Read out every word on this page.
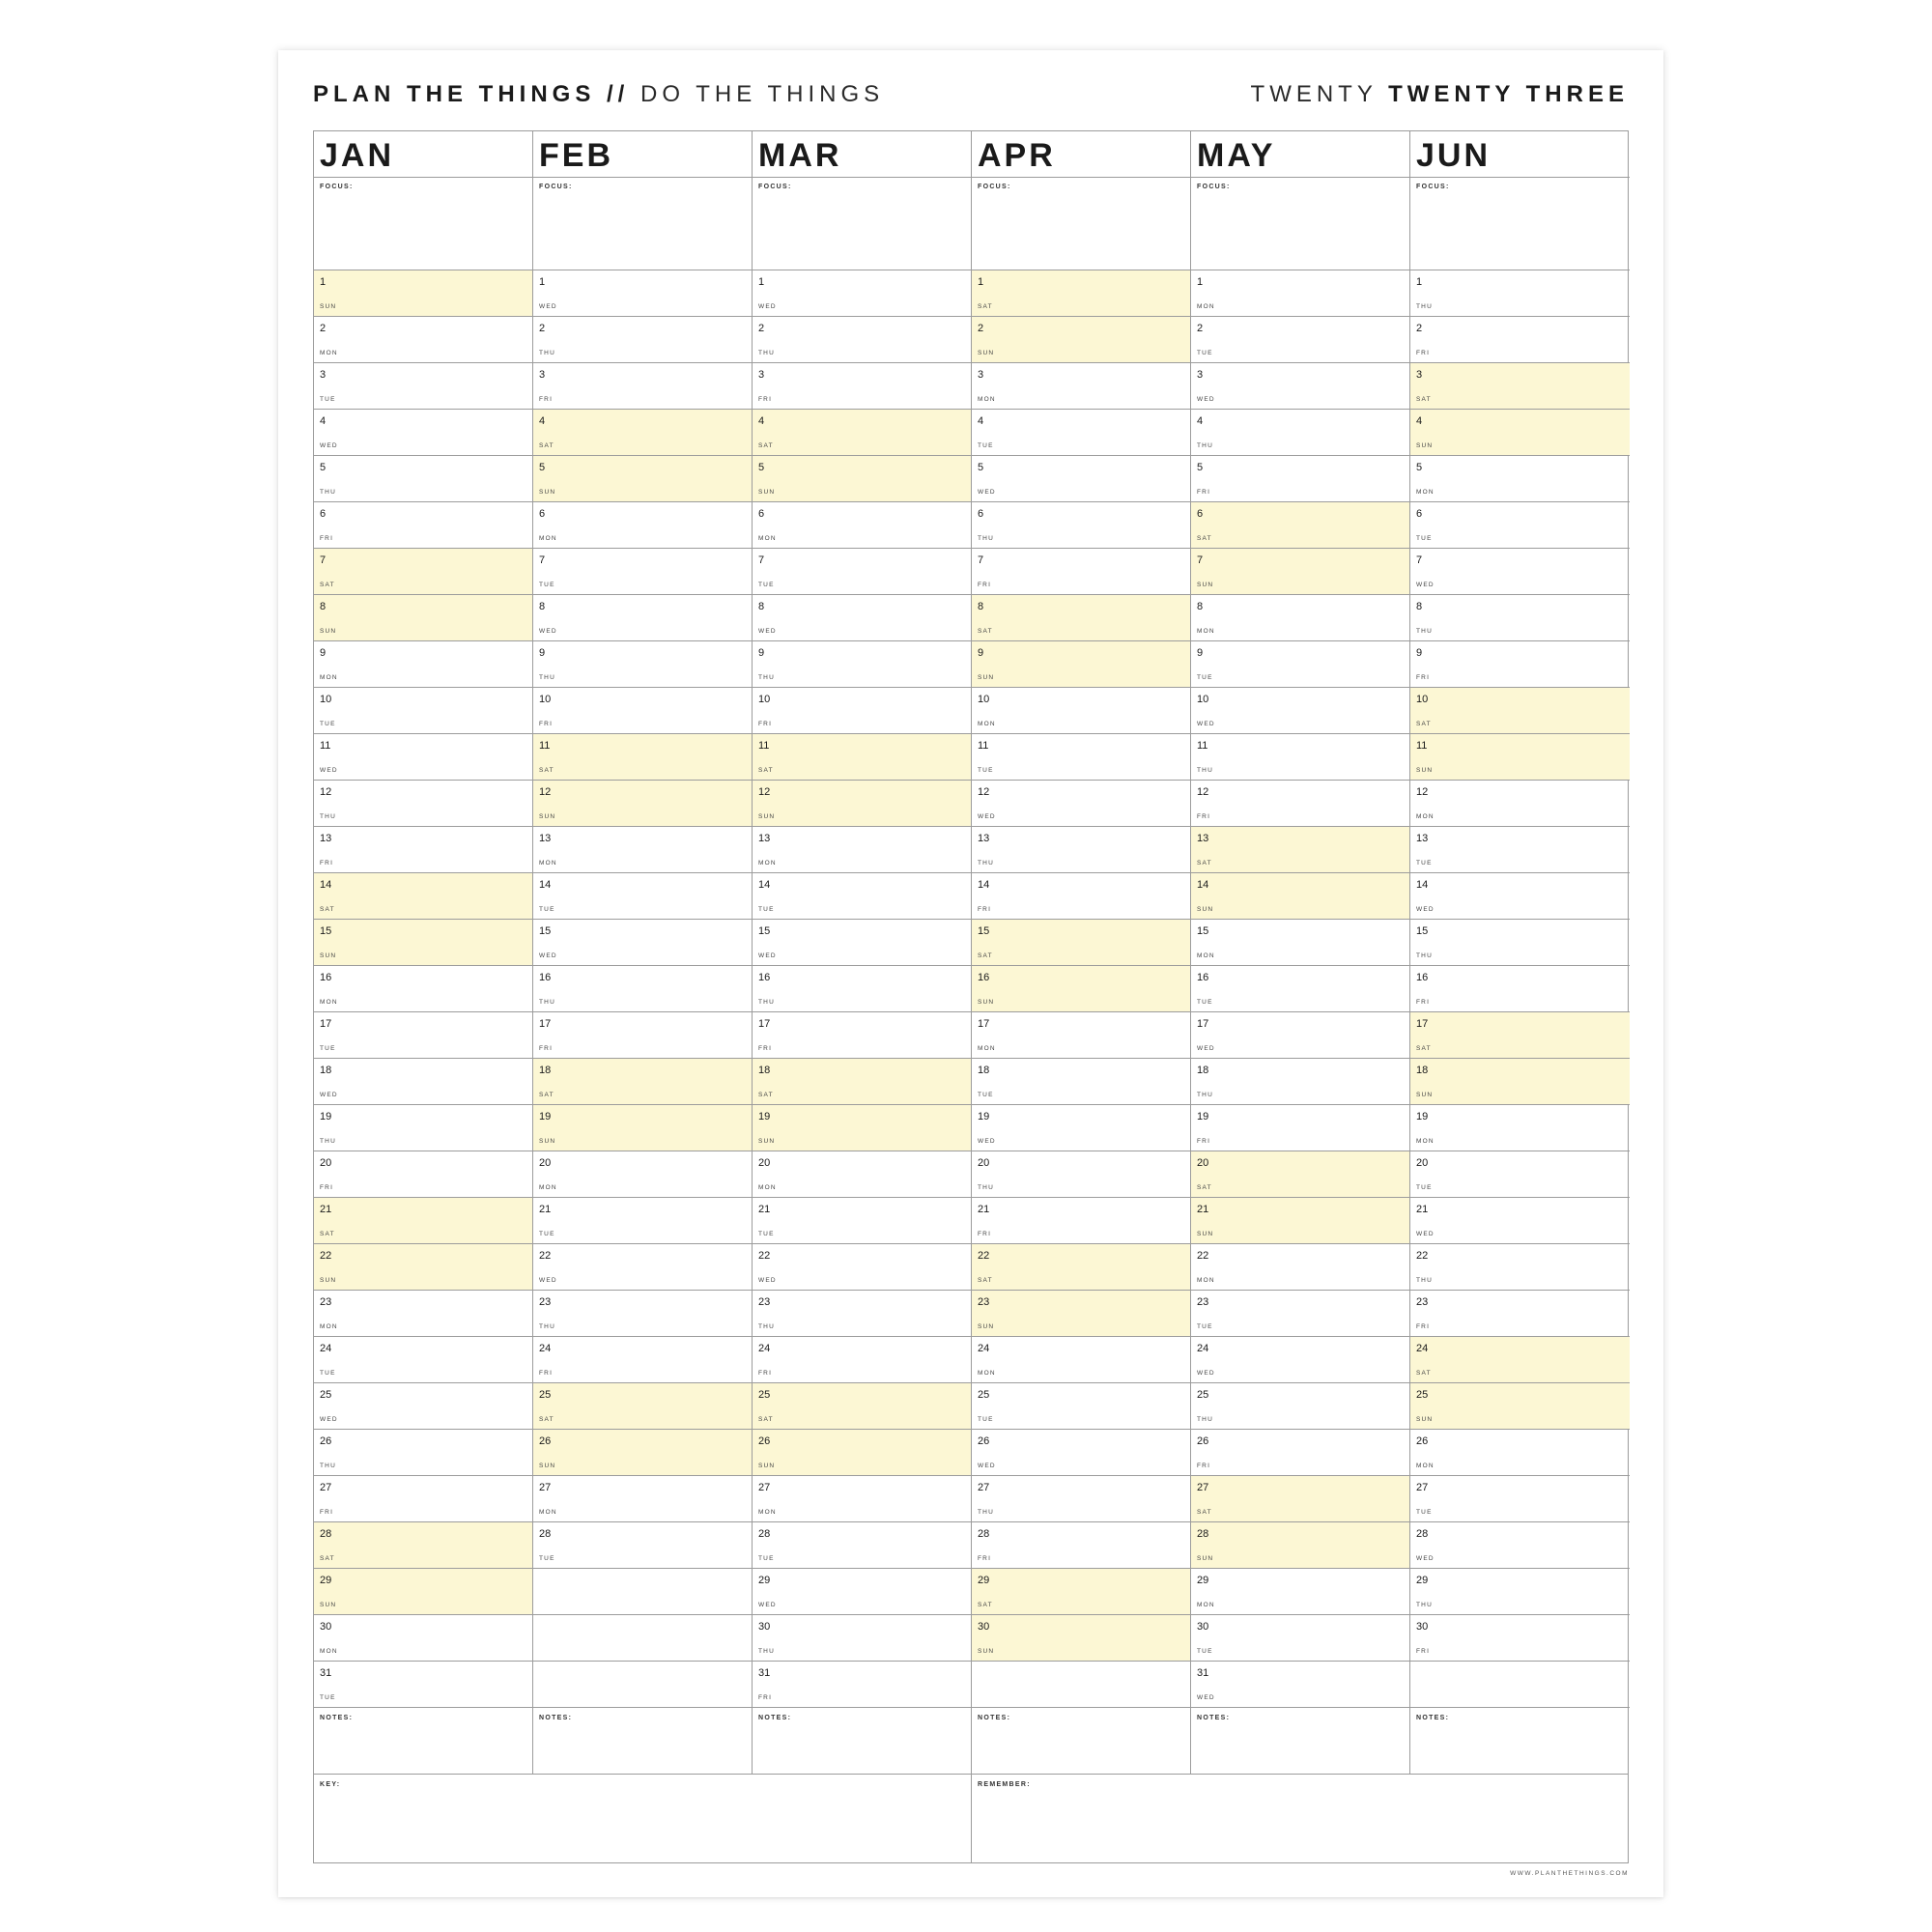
PLAN THE THINGS // DO THE THINGS	TWENTY TWENTY THREE
JAN
FOCUS:
1
SUN
2
MON
3
TUE
4
WED
5
THU
6
FRI
7
SAT
8
SUN
9
MON
10
TUE
11
WED
12
THU
13
FRI
14
SAT
15
SUN
16
MON
17
TUE
18
WED
19
THU
20
FRI
21
SAT
22
SUN
23
MON
24
TUE
25
WED
26
THU
27
FRI
28
SAT
29
SUN
30
MON
31
TUE
NOTES:
FEB
FOCUS:
1
WED
2
THU
3
FRI
4
SAT
5
SUN
6
MON
7
TUE
8
WED
9
THU
10
FRI
11
SAT
12
SUN
13
MON
14
TUE
15
WED
16
THU
17
FRI
18
SAT
19
SUN
20
MON
21
TUE
22
WED
23
THU
24
FRI
25
SAT
26
SUN
27
MON
28
TUE
NOTES:
MAR
FOCUS:
1
WED
2
THU
3
FRI
4
SAT
5
SUN
6
MON
7
TUE
8
WED
9
THU
10
FRI
11
SAT
12
SUN
13
MON
14
TUE
15
WED
16
THU
17
FRI
18
SAT
19
SUN
20
MON
21
TUE
22
WED
23
THU
24
FRI
25
SAT
26
SUN
27
MON
28
TUE
29
WED
30
THU
31
FRI
NOTES:
APR
FOCUS:
1
SAT
2
SUN
3
MON
4
TUE
5
WED
6
THU
7
FRI
8
SAT
9
SUN
10
MON
11
TUE
12
WED
13
THU
14
FRI
15
SAT
16
SUN
17
MON
18
TUE
19
WED
20
THU
21
FRI
22
SAT
23
SUN
24
MON
25
TUE
26
WED
27
THU
28
FRI
29
SAT
30
SUN
NOTES:
MAY
FOCUS:
1
MON
2
TUE
3
WED
4
THU
5
FRI
6
SAT
7
SUN
8
MON
9
TUE
10
WED
11
THU
12
FRI
13
SAT
14
SUN
15
MON
16
TUE
17
WED
18
THU
19
FRI
20
SAT
21
SUN
22
MON
23
TUE
24
WED
25
THU
26
FRI
27
SAT
28
SUN
29
MON
30
TUE
31
WED
NOTES:
JUN
FOCUS:
1
THU
2
FRI
3
SAT
4
SUN
5
MON
6
TUE
7
WED
8
THU
9
FRI
10
SAT
11
SUN
12
MON
13
TUE
14
WED
15
THU
16
FRI
17
SAT
18
SUN
19
MON
20
TUE
21
WED
22
THU
23
FRI
24
SAT
25
SUN
26
MON
27
TUE
28
WED
29
THU
30
FRI
NOTES:
KEY:	REMEMBER:
WWW.PLANTHETHINGS.COM
